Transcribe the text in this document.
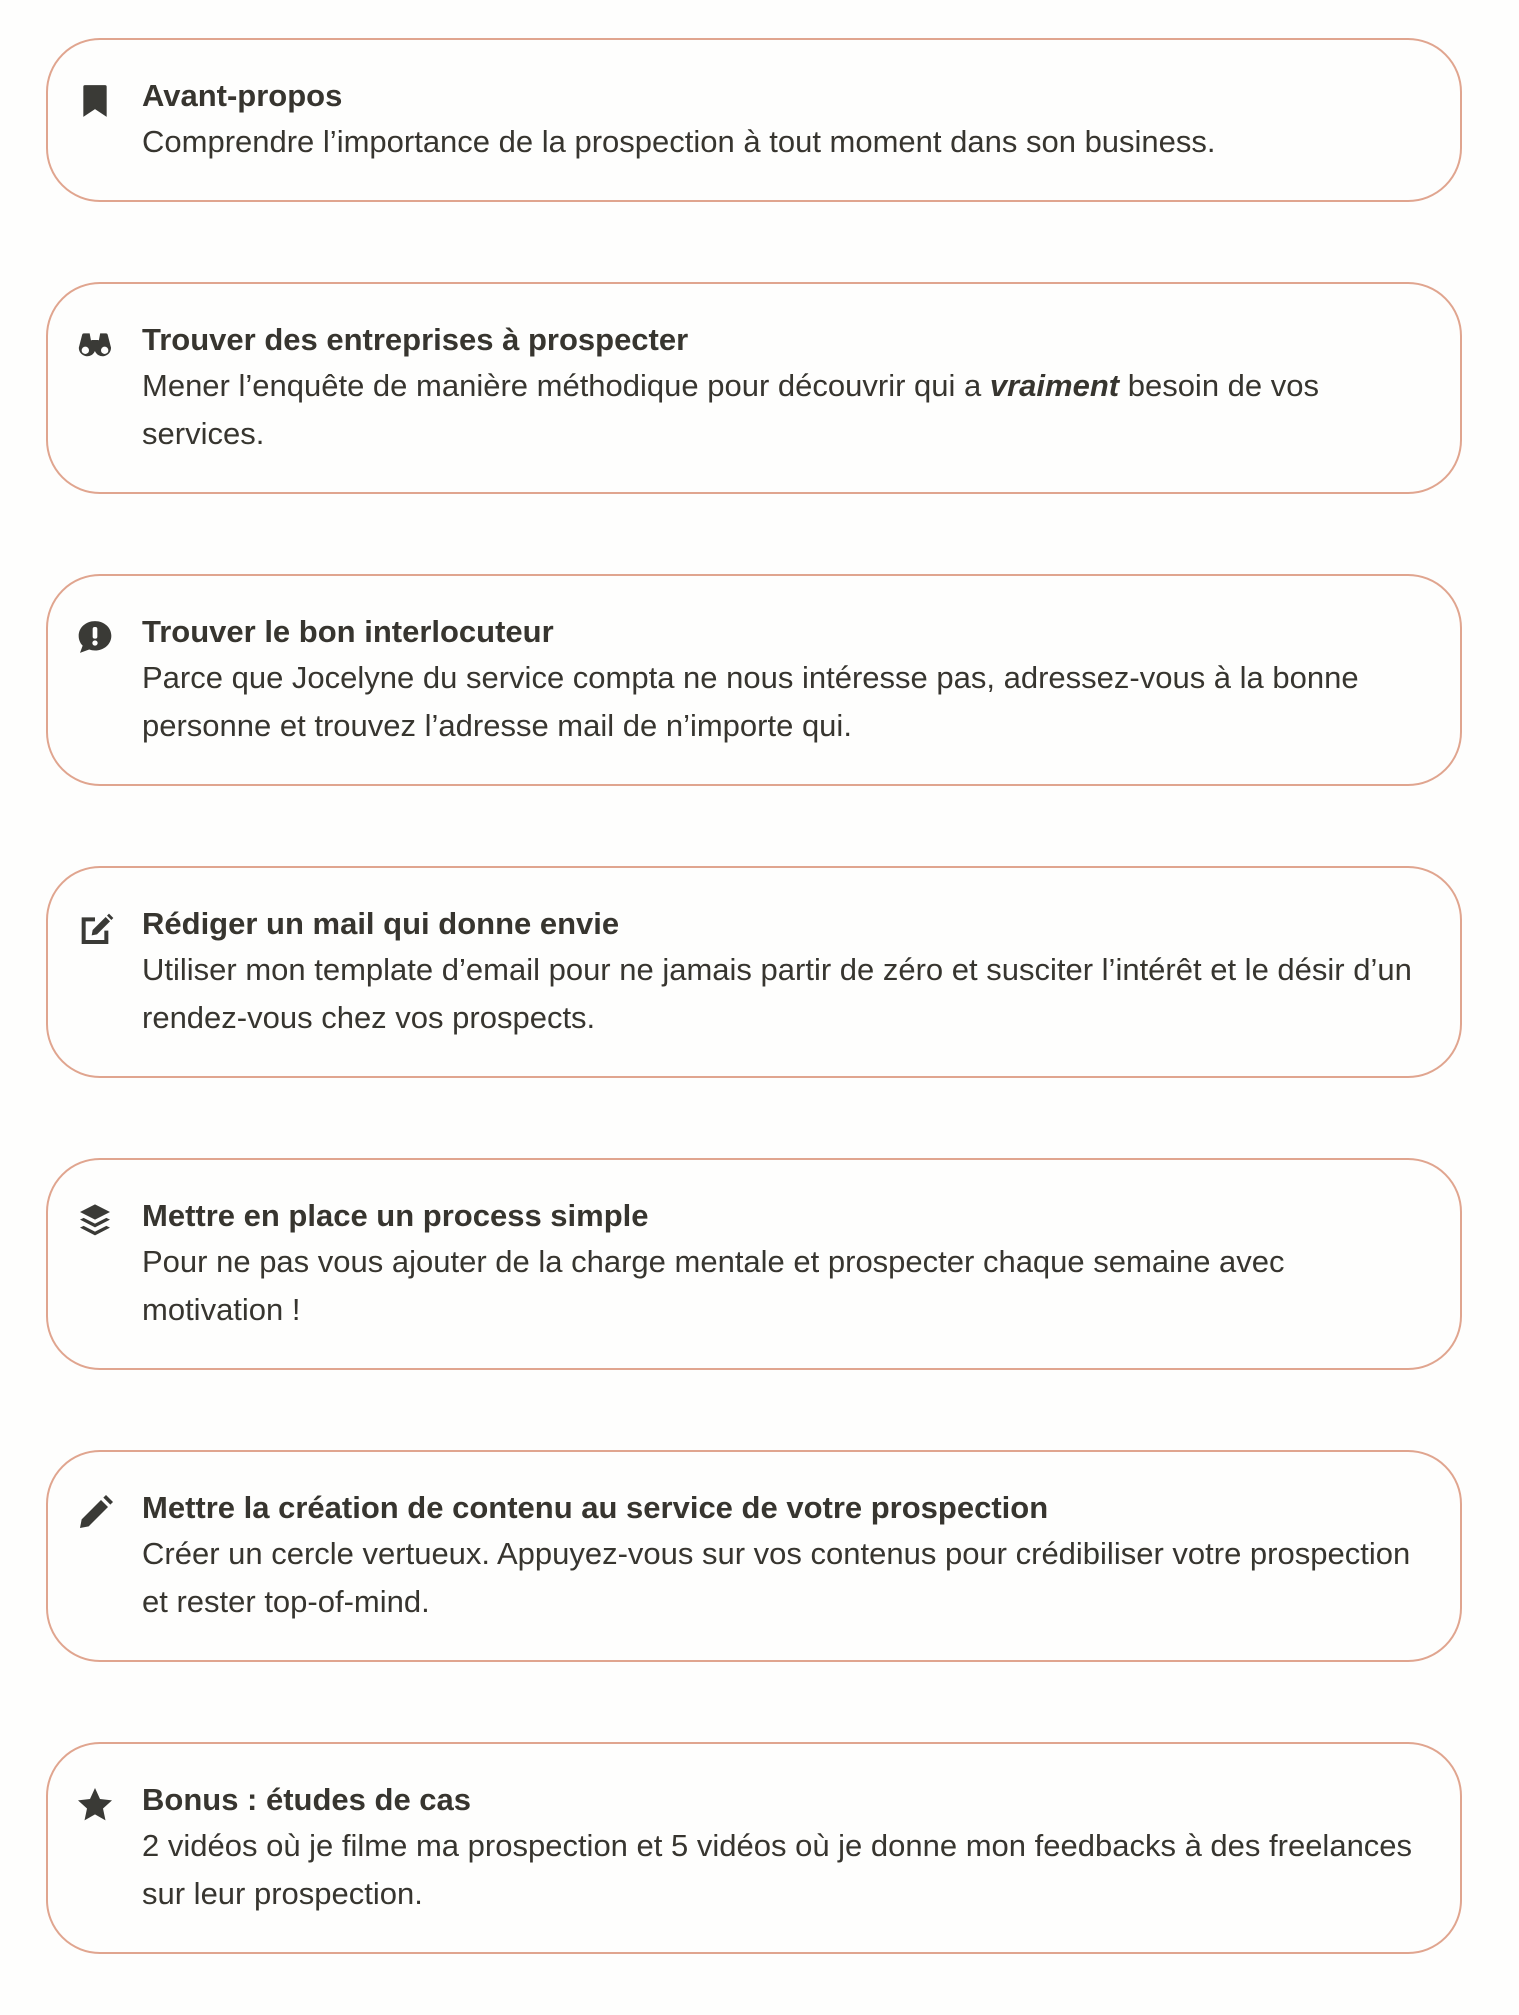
Avant-propos

Comprendre l’importance de la prospection à tout moment dans son business.

Trouver des entreprises à prospecter

Mener l’enquête de manière méthodique pour découvrir qui a vraiment besoin de vos services.

Trouver le bon interlocuteur

Parce que Jocelyne du service compta ne nous intéresse pas, adressez-vous à la bonne personne et trouvez l’adresse mail de n’importe qui.

Rédiger un mail qui donne envie

Utiliser mon template d’email pour ne jamais partir de zéro et susciter l’intérêt et le désir d’un rendez-vous chez vos prospects.

Mettre en place un process simple

Pour ne pas vous ajouter de la charge mentale et prospecter chaque semaine avec motivation !

Mettre la création de contenu au service de votre prospection

Créer un cercle vertueux. Appuyez-vous sur vos contenus pour crédibiliser votre prospection et rester top-of-mind.

Bonus : études de cas

2 vidéos où je filme ma prospection et 5 vidéos où je donne mon feedbacks à des freelances sur leur prospection.
